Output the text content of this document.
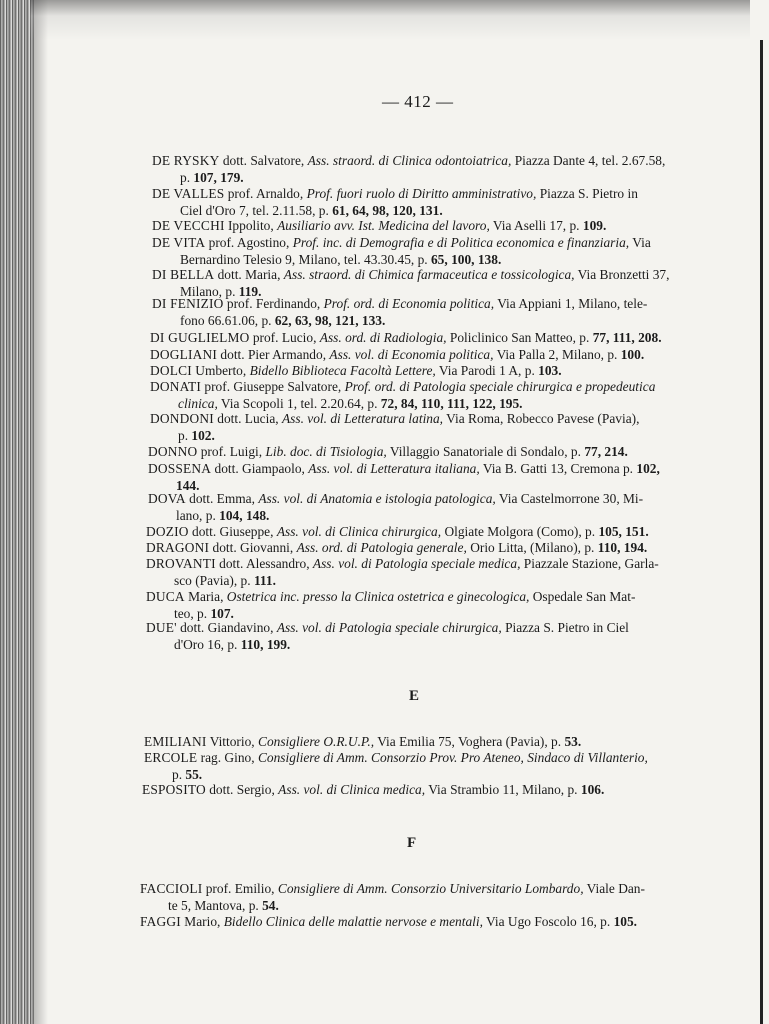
— 412 —

DE RYSKY dott. Salvatore, Ass. straord. di Clinica odontoiatrica, Piazza Dante 4, tel. 2.67.58,
p. 107, 179.

DE VALLES prof. Arnaldo, Prof. fuori ruolo di Diritto amministrativo, Piazza S. Pietro in
Ciel d'Oro 7, tel. 2.11.58, p. 61, 64, 98, 120, 131.

DE VECCHI Ippolito, Ausiliario avv. Ist. Medicina del lavoro, Via Aselli 17, p. 109.

DE VITA prof. Agostino, Prof. inc. di Demografia e di Politica economica e finanziaria, Via
Bernardino Telesio 9, Milano, tel. 43.30.45, p. 65, 100, 138.

DI BELLA dott. Maria, Ass. straord. di Chimica farmaceutica e tossicologica, Via Bronzetti 37,
Milano, p. 119.

DI FENIZIO prof. Ferdinando, Prof. ord. di Economia politica, Via Appiani 1, Milano, tele-
fono 66.61.06, p. 62, 63, 98, 121, 133.

DI GUGLIELMO prof. Lucio, Ass. ord. di Radiologia, Policlinico San Matteo, p. 77, 111, 208.

DOGLIANI dott. Pier Armando, Ass. vol. di Economia politica, Via Palla 2, Milano, p. 100.

DOLCI Umberto, Bidello Biblioteca Facoltà Lettere, Via Parodi 1 A, p. 103.

DONATI prof. Giuseppe Salvatore, Prof. ord. di Patologia speciale chirurgica e propedeutica
clinica, Via Scopoli 1, tel. 2.20.64, p. 72, 84, 110, 111, 122, 195.

DONDONI dott. Lucia, Ass. vol. di Letteratura latina, Via Roma, Robecco Pavese (Pavia),
p. 102.

DONNO prof. Luigi, Lib. doc. di Tisiologia, Villaggio Sanatoriale di Sondalo, p. 77, 214.

DOSSENA dott. Giampaolo, Ass. vol. di Letteratura italiana, Via B. Gatti 13, Cremona p. 102,
144.

DOVA dott. Emma, Ass. vol. di Anatomia e istologia patologica, Via Castelmorrone 30, Mi-
lano, p. 104, 148.

DOZIO dott. Giuseppe, Ass. vol. di Clinica chirurgica, Olgiate Molgora (Como), p. 105, 151.

DRAGONI dott. Giovanni, Ass. ord. di Patologia generale, Orio Litta, (Milano), p. 110, 194.

DROVANTI dott. Alessandro, Ass. vol. di Patologia speciale medica, Piazzale Stazione, Garla-
sco (Pavia), p. 111.

DUCA Maria, Ostetrica inc. presso la Clinica ostetrica e ginecologica, Ospedale San Mat-
teo, p. 107.

DUE' dott. Giandavino, Ass. vol. di Patologia speciale chirurgica, Piazza S. Pietro in Ciel
d'Oro 16, p. 110, 199.

E

EMILIANI Vittorio, Consigliere O.R.U.P., Via Emilia 75, Voghera (Pavia), p. 53.

ERCOLE rag. Gino, Consigliere di Amm. Consorzio Prov. Pro Ateneo, Sindaco di Villanterio,
p. 55.

ESPOSITO dott. Sergio, Ass. vol. di Clinica medica, Via Strambio 11, Milano, p. 106.

F

FACCIOLI prof. Emilio, Consigliere di Amm. Consorzio Universitario Lombardo, Viale Dan-
te 5, Mantova, p. 54.

FAGGI Mario, Bidello Clinica delle malattie nervose e mentali, Via Ugo Foscolo 16, p. 105.
